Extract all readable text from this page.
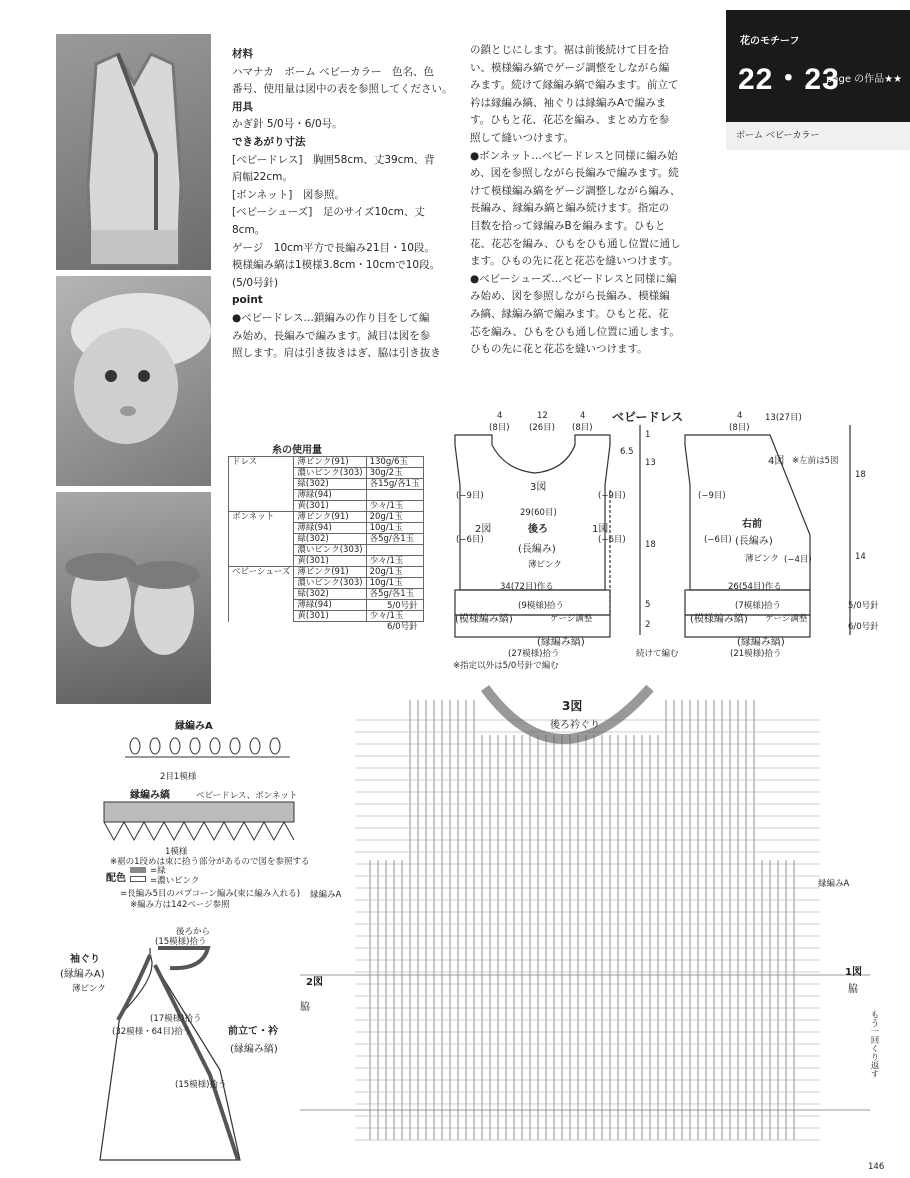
花のモチーフ
22・23
page の作品★★
ボーム ベビーカラー
材料
ハマナカ　ボーム ベビーカラー　色名、色
番号、使用量は図中の表を参照してください。
用具
かぎ針 5/0号・6/0号。
できあがり寸法
[ベビードレス]　胸囲58cm、丈39cm、背
肩幅22cm。
[ボンネット]　図参照。
[ベビーシューズ]　足のサイズ10cm、丈
8cm。
ゲージ　10cm平方で長編み21目・10段。
模様編み縞は1模様3.8cm・10cmで10段。
(5/0号針)
point
●ベビードレス…鎖編みの作り目をして編
み始め、長編みで編みます。減目は図を参
照します。肩は引き抜きはぎ、脇は引き抜き
の鎖とじにします。裾は前後続けて目を拾
い、模様編み縞でゲージ調整をしながら編
みます。続けて縁編み縞で編みます。前立て
衿は縁編み縞、袖ぐりは縁編みAで編みま
す。ひもと花、花芯を編み、まとめ方を参
照して縫いつけます。
●ボンネット…ベビードレスと同様に編み始
め、図を参照しながら長編みで編みます。続
けて模様編み縞をゲージ調整しながら編み、
長編み、縁編み縞と編み続けます。指定の
目数を拾って縁編みBを編みます。ひもと
花、花芯を編み、ひもをひも通し位置に通し
ます。ひもの先に花と花芯を縫いつけます。
●ベビーシューズ…ベビードレスと同様に編
み始め、図を参照しながら長編み、模様編
み縞、縁編み縞で編みます。ひもと花、花
芯を編み、ひもをひも通し位置に通します。
ひもの先に花と花芯を縫いつけます。
糸の使用量
ドレス	薄ピンク(91)	130g/6玉
	濃いピンク(303)	30g/2玉
	緑(302)	各15g/各1玉
	薄緑(94)	
	黄(301)	少々/1玉
ボンネット	薄ピンク(91)	20g/1玉
	薄緑(94)	10g/1玉
	緑(302)	各5g/各1玉
	濃いピンク(303)	
	黄(301)	少々/1玉
ベビーシューズ	薄ピンク(91)	20g/1玉
	濃いピンク(303)	10g/1玉
	緑(302)	各5g/各1玉
	薄緑(94)	
	黄(301)	少々/1玉
ベビードレス
3図
2図	1図
後ろ
(長編み)
薄ピンク
29(60目)
34(72目)作る
4図 ※左前は5図
右前
(長編み)
薄ピンク
26(54目)作る
(9模様)拾う	(7模様)拾う
(模様編み縞)	ゲージ調整	(模様編み縞) ゲージ調整
(縁編み縞)	(縁編み縞)
(27模様)拾う	(21模様)拾う
5/0号針
6/0号針
5/0号針
6/0号針
続けて編む
※指定以外は5/0号針で編む
4
(8目)
12
(26目)
4
(8目)
4
(8目)
13(27目)
6.5
13
18
5
2
1
18
14
(−9目)
(−6目)
(−9目)
(−6目)
(−9目)
(−6目)
(−4目)
縁編みA
2目1模様
縁編み縞	ベビードレス、ボンネット
1模様
※裾の1段めは束に拾う部分があるので図を参照する
配色
=緑
=濃いピンク
=長編み5目のパプコーン編み(束に編み入れる)
※編み方は142ページ参照
後ろから
(15模様)拾う
袖ぐり
(縁編みA)
薄ピンク
(17模様)拾う
(32模様・64目)拾う	前立て・衿
(縁編み縞)
(15模様)拾う
3図
後ろ衿ぐり
2図
1図
脇
脇
縁編みA
縁編みA
もう一回くり返す
146
